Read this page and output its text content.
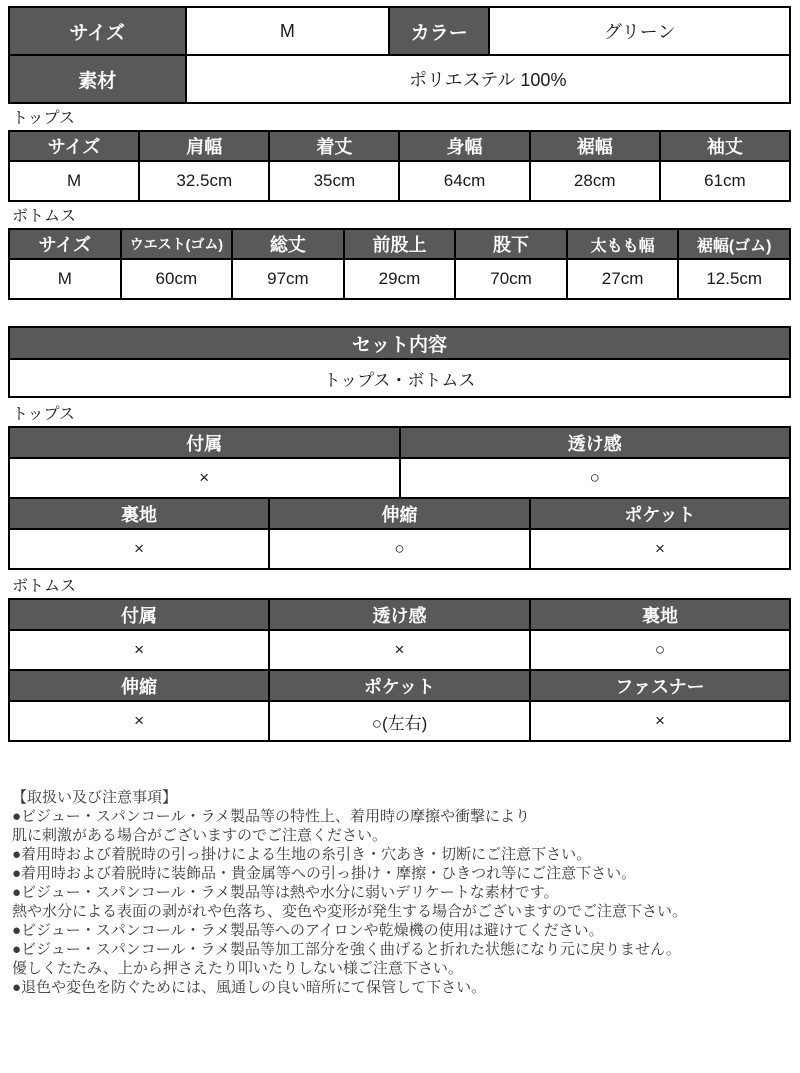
サイズ	M	カラー	グリーン
素材	ポリエステル 100%		
トップス
サイズ	肩幅	着丈	身幅	裾幅	袖丈
M	32.5cm	35cm	64cm	28cm	61cm
ボトムス
サイズ	ウエスト(ゴム)	総丈	前股上	股下	太もも幅	裾幅(ゴム)
M	60cm	97cm	29cm	70cm	27cm	12.5cm
セット内容
トップス・ボトムス
トップス
付属	透け感
×	○
裏地	伸縮	ポケット
×	○	×
ボトムス
付属	透け感	裏地
×	×	○
伸縮	ポケット	ファスナー
×	○(左右)	×
【取扱い及び注意事項】
●ビジュー・スパンコール・ラメ製品等の特性上、着用時の摩擦や衝撃により
肌に刺激がある場合がございますのでご注意ください。
●着用時および着脱時の引っ掛けによる生地の糸引き・穴あき・切断にご注意下さい。
●着用時および着脱時に装飾品・貴金属等への引っ掛け・摩擦・ひきつれ等にご注意下さい。
●ビジュー・スパンコール・ラメ製品等は熱や水分に弱いデリケートな素材です。
熱や水分による表面の剥がれや色落ち、変色や変形が発生する場合がございますのでご注意下さい。
●ビジュー・スパンコール・ラメ製品等へのアイロンや乾燥機の使用は避けてください。
●ビジュー・スパンコール・ラメ製品等加工部分を強く曲げると折れた状態になり元に戻りません。
優しくたたみ、上から押さえたり叩いたりしない様ご注意下さい。
●退色や変色を防ぐためには、風通しの良い暗所にて保管して下さい。
